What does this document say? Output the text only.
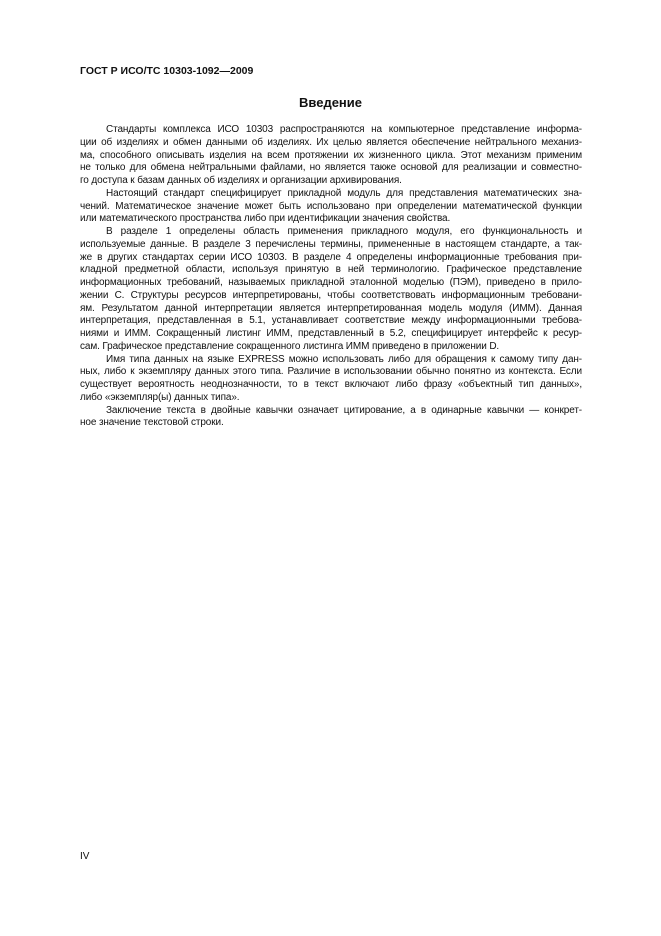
ГОСТ Р ИСО/ТС 10303-1092—2009
Введение
Стандарты комплекса ИСО 10303 распространяются на компьютерное представление информа-
ции об изделиях и обмен данными об изделиях. Их целью является обеспечение нейтрального механиз-
ма, способного описывать изделия на всем протяжении их жизненного цикла. Этот механизм применим
не только для обмена нейтральными файлами, но является также основой для реализации и совместно-
го доступа к базам данных об изделиях и организации архивирования.
Настоящий стандарт специфицирует прикладной модуль для представления математических зна-
чений. Математическое значение может быть использовано при определении математической функции
или математического пространства либо при идентификации значения свойства.
В разделе 1 определены область применения прикладного модуля, его функциональность и
используемые данные. В разделе 3 перечислены термины, примененные в настоящем стандарте, а так-
же в других стандартах серии ИСО 10303. В разделе 4 определены информационные требования при-
кладной предметной области, используя принятую в ней терминологию. Графическое представление
информационных требований, называемых прикладной эталонной моделью (ПЭМ), приведено в прило-
жении C. Структуры ресурсов интерпретированы, чтобы соответствовать информационным требовани-
ям. Результатом данной интерпретации является интерпретированная модель модуля (ИММ). Данная
интерпретация, представленная в 5.1, устанавливает соответствие между информационными требова-
ниями и ИММ. Сокращенный листинг ИММ, представленный в 5.2, специфицирует интерфейс к ресур-
сам. Графическое представление сокращенного листинга ИММ приведено в приложении D.
Имя типа данных на языке EXPRESS можно использовать либо для обращения к самому типу дан-
ных, либо к экземпляру данных этого типа. Различие в использовании обычно понятно из контекста. Если
существует вероятность неоднозначности, то в текст включают либо фразу «объектный тип данных»,
либо «экземпляр(ы) данных типа».
Заключение текста в двойные кавычки означает цитирование, а в одинарные кавычки — конкрет-
ное значение текстовой строки.
IV
